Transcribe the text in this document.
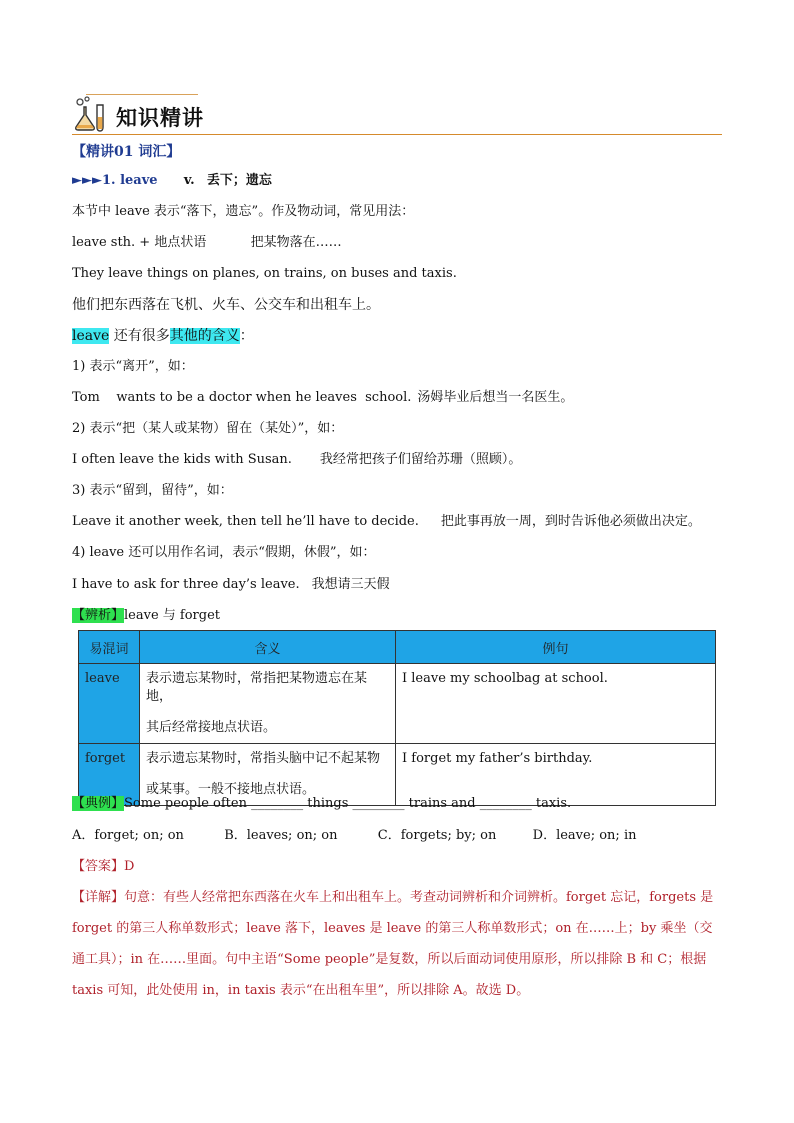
知识精讲
【精讲01 词汇】
►►►1. leave v. 丢下；遗忘
本节中 leave 表示“落下，遗忘”。作及物动词，常见用法：
leave sth. + 地点状语	把某物落在……
They leave things on planes, on trains, on buses and taxis.
他们把东西落在飞机、火车、公交车和出租车上。
leave 还有很多其他的含义：
1) 表示“离开”，如：
Tom    wants to be a doctor when he leaves  school. 汤姆毕业后想当一名医生。
2) 表示“把（某人或某物）留在（某处）”，如：
I often leave the kids with Susan. 我经常把孩子们留给苏珊（照顾）。
3) 表示“留到，留待”，如：
Leave it another week, then tell he’ll have to decide. 把此事再放一周，到时告诉他必须做出决定。
4) leave 还可以用作名词，表示“假期，休假”，如：
I have to ask for three day’s leave. 我想请三天假
【辨析】leave 与 forget
易混词	含义	例句
leave	表示遗忘某物时，常指把某物遗忘在某地，
其后经常接地点状语。	I leave my schoolbag at school.
forget	表示遗忘某物时，常指头脑中记不起某物
或某事。一般不接地点状语。	I forget my father’s birthday.
【典例】Some people often ________ things ________ trains and ________ taxis.
A．forget; on; on	B．leaves; on; on	C．forgets; by; on	D．leave; on; in
【答案】D
【详解】句意：有些人经常把东西落在火车上和出租车上。考查动词辨析和介词辨析。forget 忘记，forgets 是 forget 的第三人称单数形式；leave 落下，leaves 是 leave 的第三人称单数形式；on 在……上；by 乘坐（交通工具）；in 在……里面。句中主语“Some people”是复数，所以后面动词使用原形，所以排除 B 和 C；根据 taxis 可知，此处使用 in，in taxis 表示“在出租车里”，所以排除 A。故选 D。
